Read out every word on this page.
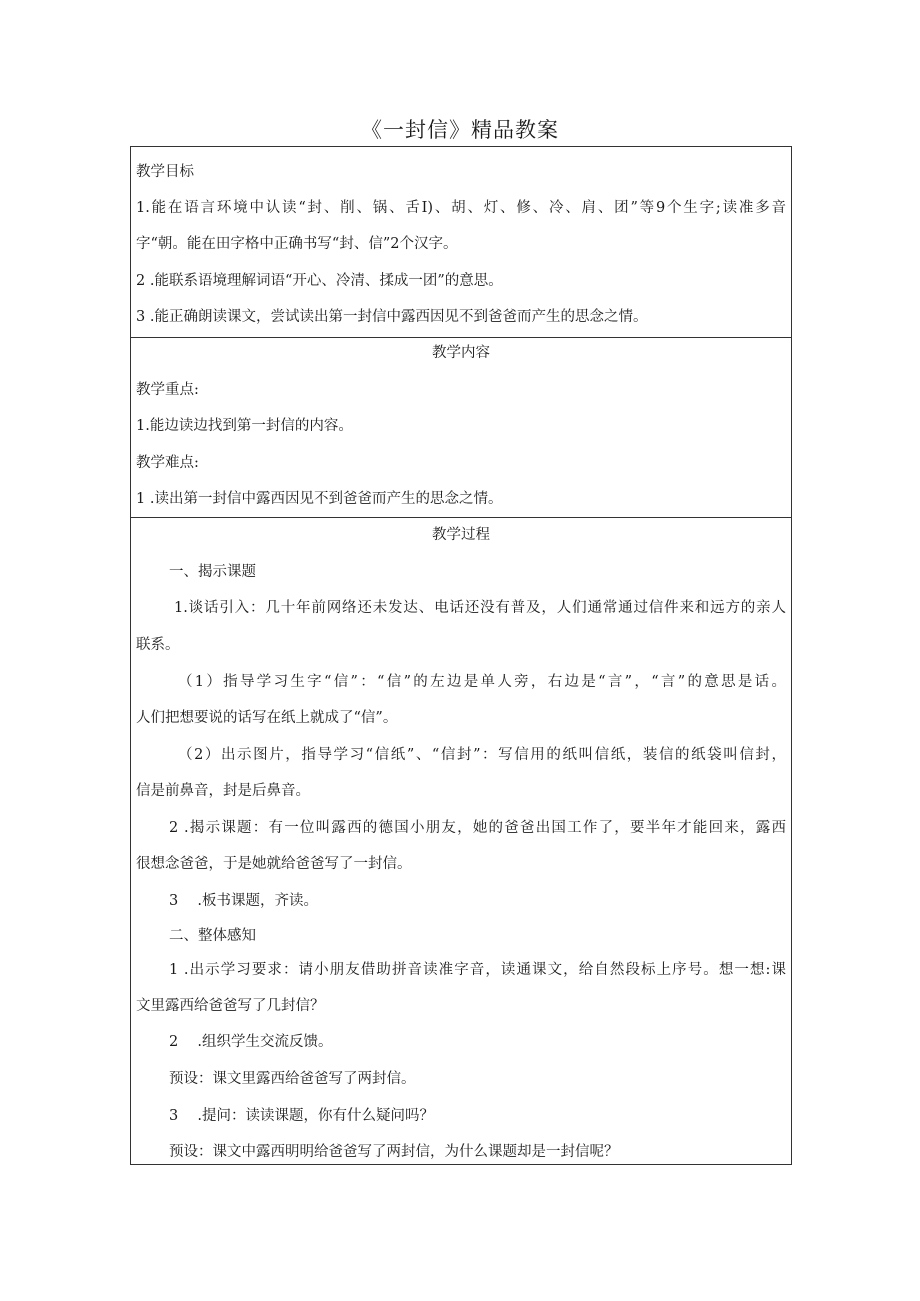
《一封信》精品教案
教学目标
1.能在语言环境中认读“封、削、锅、舌I)、胡、灯、修、冷、肩、团”等9个生字;读准多音
字“朝。能在田字格中正确书写“封、信”2个汉字。
2 .能联系语境理解词语“开心、冷清、揉成一团”的意思。
3 .能正确朗读课文，尝试读出第一封信中露西因见不到爸爸而产生的思念之情。
教学内容
教学重点:
1.能边读边找到第一封信的内容。
教学难点:
1 .读出第一封信中露西因见不到爸爸而产生的思念之情。
教学过程
一、揭示课题
1.谈话引入：几十年前网络还未发达、电话还没有普及，人们通常通过信件来和远方的亲人
联系。
（1）指导学习生字“信”：“信”的左边是单人旁，右边是“言”，“言”的意思是话。
人们把想要说的话写在纸上就成了“信”。
（2）出示图片，指导学习“信纸”、“信封”：写信用的纸叫信纸，装信的纸袋叫信封，
信是前鼻音，封是后鼻音。
2 .揭示课题：有一位叫露西的德国小朋友，她的爸爸出国工作了，要半年才能回来，露西
很想念爸爸，于是她就给爸爸写了一封信。
3　 .板书课题，齐读。
二、整体感知
1 .出示学习要求：请小朋友借助拼音读准字音，读通课文，给自然段标上序号。想一想:课
文里露西给爸爸写了几封信？
2　 .组织学生交流反馈。
预设：课文里露西给爸爸写了两封信。
3　 .提问：读读课题，你有什么疑问吗？
预设：课文中露西明明给爸爸写了两封信，为什么课题却是一封信呢？
